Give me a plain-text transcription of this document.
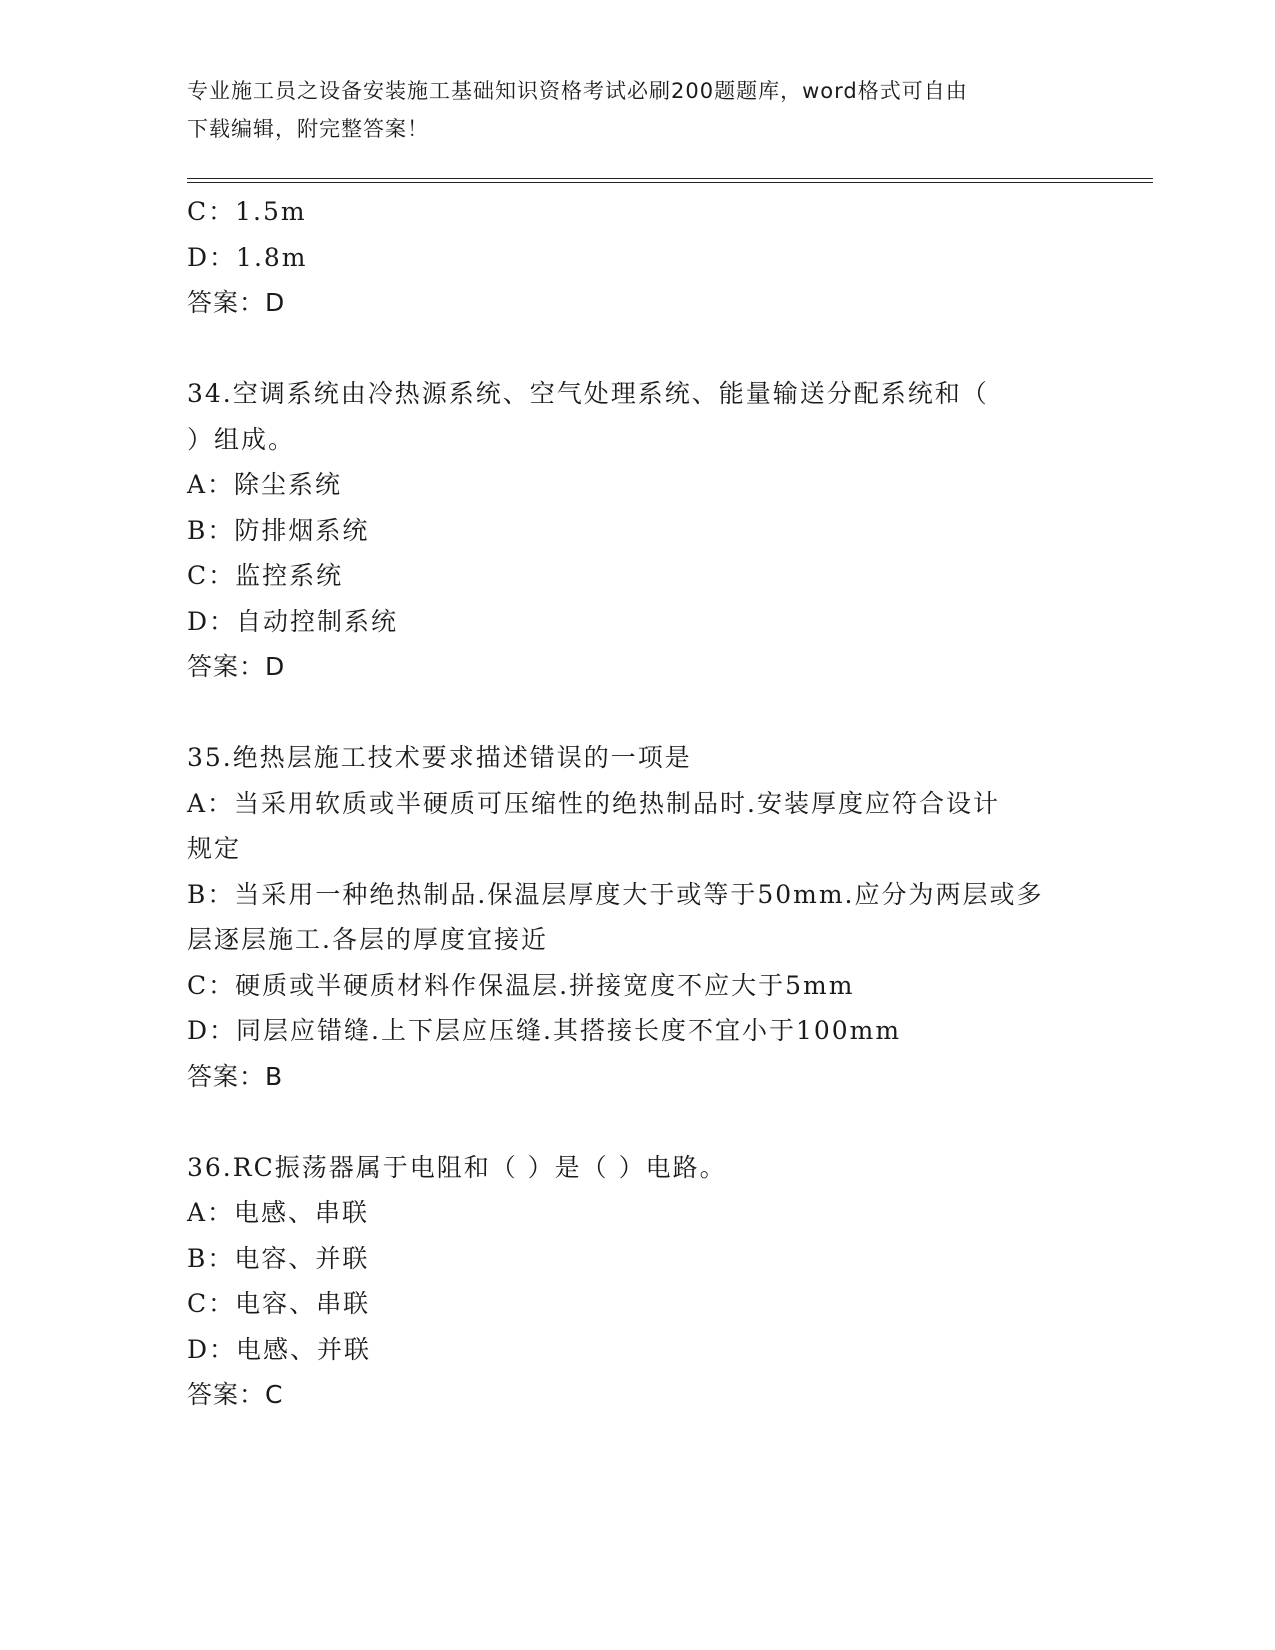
专业施工员之设备安装施工基础知识资格考试必刷200题题库，word格式可自由
下载编辑，附完整答案！
C：1.5m
D：1.8m
答案：D
34.空调系统由冷热源系统、空气处理系统、能量输送分配系统和（
）组成。
A：除尘系统
B：防排烟系统
C：监控系统
D：自动控制系统
答案：D
35.绝热层施工技术要求描述错误的一项是
A：当采用软质或半硬质可压缩性的绝热制品时.安装厚度应符合设计
规定
B：当采用一种绝热制品.保温层厚度大于或等于50mm.应分为两层或多
层逐层施工.各层的厚度宜接近
C：硬质或半硬质材料作保温层.拼接宽度不应大于5mm
D：同层应错缝.上下层应压缝.其搭接长度不宜小于100mm
答案：B
36.RC振荡器属于电阻和（ ）是（ ）电路。
A：电感、串联
B：电容、并联
C：电容、串联
D：电感、并联
答案：C
